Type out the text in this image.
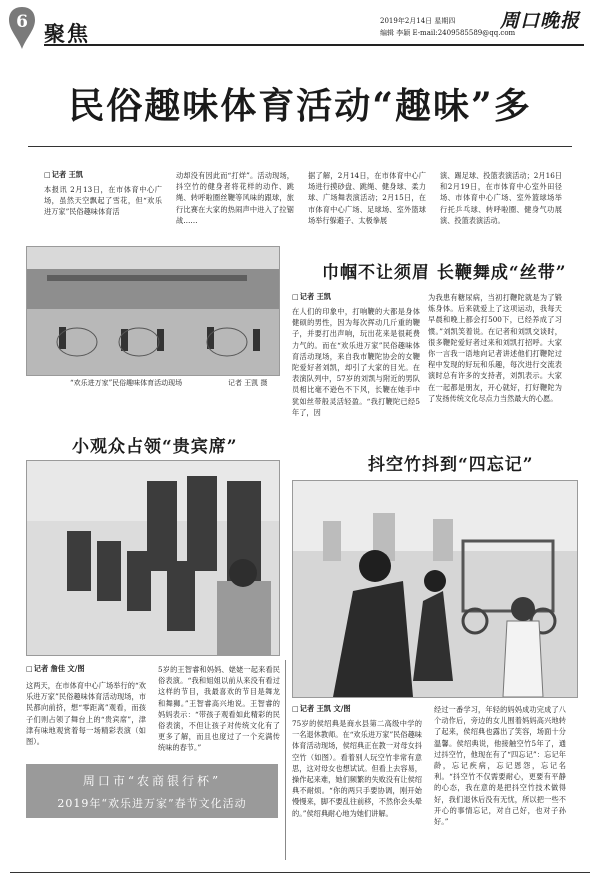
6 聚焦	2019年2月14日 星期四
编辑 李颖 E-mail:2409585589@qq.com
周口晚报
民俗趣味体育活动“趣味”多
□ 记者 王凯
本报讯 2月13日，在市体育中心广场，虽然天空飘起了雪花，但“欢乐进万家”民俗趣味体育活
动却没有因此而“打烊”。活动现场，抖空竹的健身者将花样的动作、跳绳、转呼啦圈丝鞭等风味的跟球，旅行比赛在大家的热闹声中进入了拉锯战……
据了解，2月14日，在市体育中心广场进行摸砂盘、跳绳、健身球、柔力球、广场舞表演活动；2月15日，在市体育中心广场、足球场、室外篮球场举行躲避子、太极拳展
演、踢足球、投篮表演活动；2月16日和2月19日，在市体育中心室外田径场、市体育中心广场、室外篮球场举行托乒乓球、转呼啦圈、健身气功展演、投篮表演活动。
“欢乐进万家”民俗趣味体育活动现场	记者 王凯 摄
巾帼不让须眉 长鞭舞成“丝带”
□ 记者 王凯
在人们的印象中，打响鞭的大都是身体健硕的男性，因为每次挥动几斤重的鞭子，并要打出声响，玩出花来是很耗费力气的。而在“欢乐进万家”民俗趣味体育活动现场，来自我市鞭陀协会的女鞭陀爱好者刘凯，却引了大家的目光。在表演队列中，57岁的刘凯与附近的男队员相比毫不逊色不下风，长鞭在她手中犹如丝带般灵活轻盈。“我打鞭陀已经5年了，因
为我患有糖尿病，当初打鞭陀就是为了锻炼身体。后来就爱上了这项运动，我每天早晨和晚上都会打500下，已经养成了习惯。”刘凯笑着说。在记者和刘凯交谈时，很多鞭陀爱好者过来和刘凯打招呼。大家你一言我一语地向记者讲述他们打鞭陀过程中发现的好玩和乐趣，每次进行交流表演时总有许多的支持者，刘凯表示。大家在一起都是朋友，开心就好，打好鞭陀为了发扬传统文化尽点力当然最大的心愿。
小观众占领“贵宾席”
□ 记者 詹佳 文/图
这两天，在市体育中心广场举行的“欢乐进万家”民俗趣味体育活动现场，市民都向前挤，想“零距离”观看，而孩子们则占领了舞台上的“贵宾席”，津津有味地观赏着每一场精彩表演（如图）。
5岁的王智睿和妈妈、姥姥一起来看民俗表演。“我和姐姐以前从来没有看过这样的节目，我最喜欢的节目是舞龙和舞狮。”王智睿高兴地说。王智睿的妈妈表示：“带孩子观看如此精彩的民俗表演，不但让孩子对传统文化有了更多了解，而且也度过了一个充满传统味的春节。”
周口市“农商银行杯”
2019年“欢乐进万家”春节文化活动
抖空竹抖到“四忘记”
□ 记者 王凯 文/图
75岁的侯绍典是商水县第二高级中学的一名退休教师。在“欢乐进万家”民俗趣味体育活动现场，侯绍典正在教一对母女抖空竹（如图）。看着别人玩空竹非常有意思，这对母女也想试试。但看上去容易，操作起来难，她们频繁的失败没有让侯绍典不耐烦。“你的两只手要协调，刚开始慢慢来，脚不要乱往前移，不然你会头晕的。”侯绍典耐心地为她们讲解。
经过一番学习，年轻的妈妈成功完成了八个动作后，旁边的女儿围着妈妈高兴地转了起来，侯绍典也露出了笑容，场面十分温馨。侯绍典说，他接触空竹5年了，通过抖空竹，他现在有了“四忘记”：忘记年龄，忘记疾病，忘记恩怨，忘记名利。“抖空竹不仅需要耐心，更要有平静的心态，我在意的是把抖空竹技术做得好，我们退休后没有无忧，所以把一些不开心的事情忘记，对自己好，也对子孙好。”
